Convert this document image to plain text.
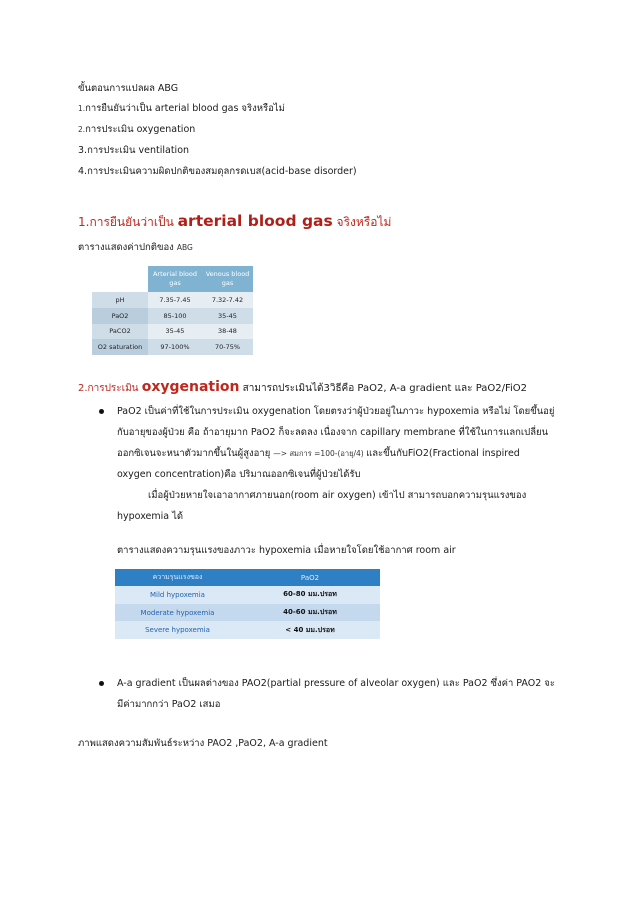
ขั้นตอนการแปลผล ABG
1.การยืนยันว่าเป็น arterial blood gas จริงหรือไม่
2.การประเมิน oxygenation
3.การประเมิน ventilation
4.การประเมินความผิดปกติของสมดุลกรดเบส(acid-base disorder)
1.การยืนยันว่าเป็น arterial blood gas จริงหรือไม่
ตารางแสดงค่าปกติของ ABG
	Arterial blood gas	Venous blood gas
pH	7.35-7.45	7.32-7.42
PaO2	85-100	35-45
PaCO2	35-45	38-48
O2 saturation	97-100%	70-75%
2.การประเมิน oxygenation สามารถประเมินได้3วิธีคือ PaO2, A-a gradient และ PaO2/FiO2
PaO2 เป็นค่าที่ใช้ในการประเมิน oxygenation โดยตรงว่าผู้ป่วยอยู่ในภาวะ hypoxemia หรือไม่ โดยขึ้นอยู่
กับอายุของผู้ป่วย คือ ถ้าอายุมาก PaO2 ก็จะลดลง เนื่องจาก capillary membrane ที่ใช้ในการแลกเปลี่ยน
ออกซิเจนจะหนาตัวมากขึ้นในผู้สูงอายุ —> สมการ =100-(อายุ/4) และขึ้นกับFiO2(Fractional inspired
oxygen concentration)คือ ปริมาณออกซิเจนที่ผู้ป่วยได้รับ
เมื่อผู้ป่วยหายใจเอาอากาศภายนอก(room air oxygen) เข้าไป สามารถบอกความรุนแรงของ
hypoxemia ได้
ตารางแสดงความรุนแรงของภาวะ hypoxemia เมื่อหายใจโดยใช้อากาศ room air
ความรุนแรงของ	PaO2
Mild hypoxemia	60-80 มม.ปรอท
Moderate hypoxemia	40-60 มม.ปรอท
Severe hypoxemia	< 40 มม.ปรอท
A-a gradient เป็นผลต่างของ PAO2(partial pressure of alveolar oxygen) และ PaO2 ซึ่งค่า PAO2 จะ
มีค่ามากกว่า PaO2 เสมอ
ภาพแสดงความสัมพันธ์ระหว่าง PAO2 ,PaO2, A-a gradient
